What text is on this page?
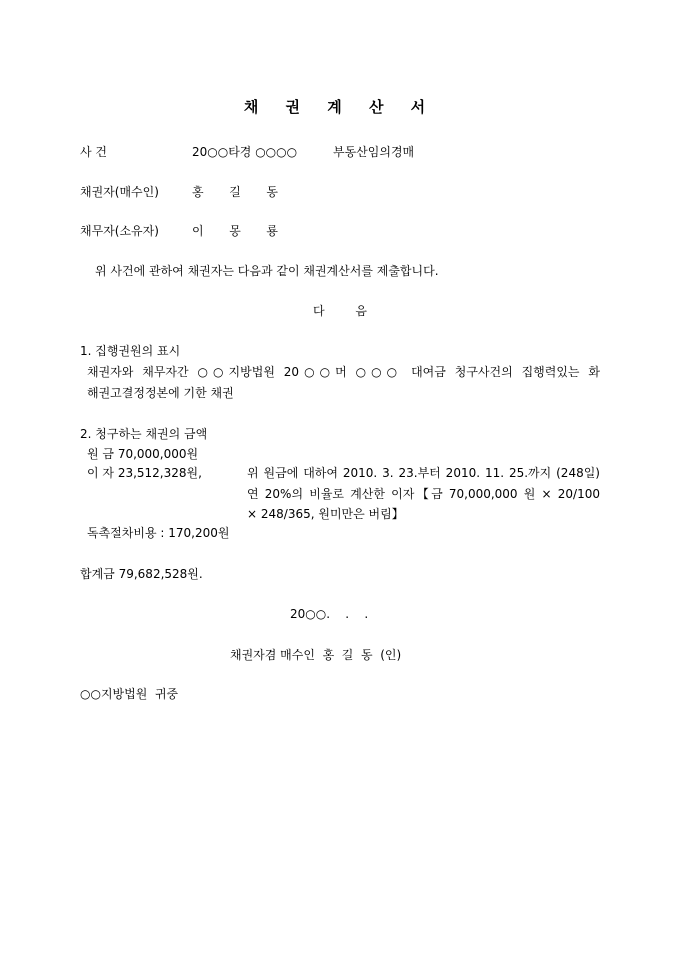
채 권 계 산 서
사 건	20○○타경 ○○○○	부동산임의경매
채권자(매수인)	홍 길 동
채무자(소유자)	이 몽 룡
위 사건에 관하여 채권자는 다음과 같이 채권계산서를 제출합니다.
다 음
1. 집행권원의 표시
채권자와 채무자간 ○○지방법원 20○○머 ○○○ 대여금 청구사건의 집행력있는 화
해권고결정정본에 기한 채권
2. 청구하는 채권의 금액
원 금 70,000,000원
이 자 23,512,328원,	위 원금에 대하여 2010. 3. 23.부터 2010. 11. 25.까지 (248일)
연 20%의 비율로 계산한 이자【금 70,000,000 원 × 20/100
× 248/365, 원미만은 버림】
독촉절차비용 : 170,200원
합계금 79,682,528원.
20○○.    .    .
채권자겸 매수인  홍  길  동  (인)
○○지방법원  귀중
